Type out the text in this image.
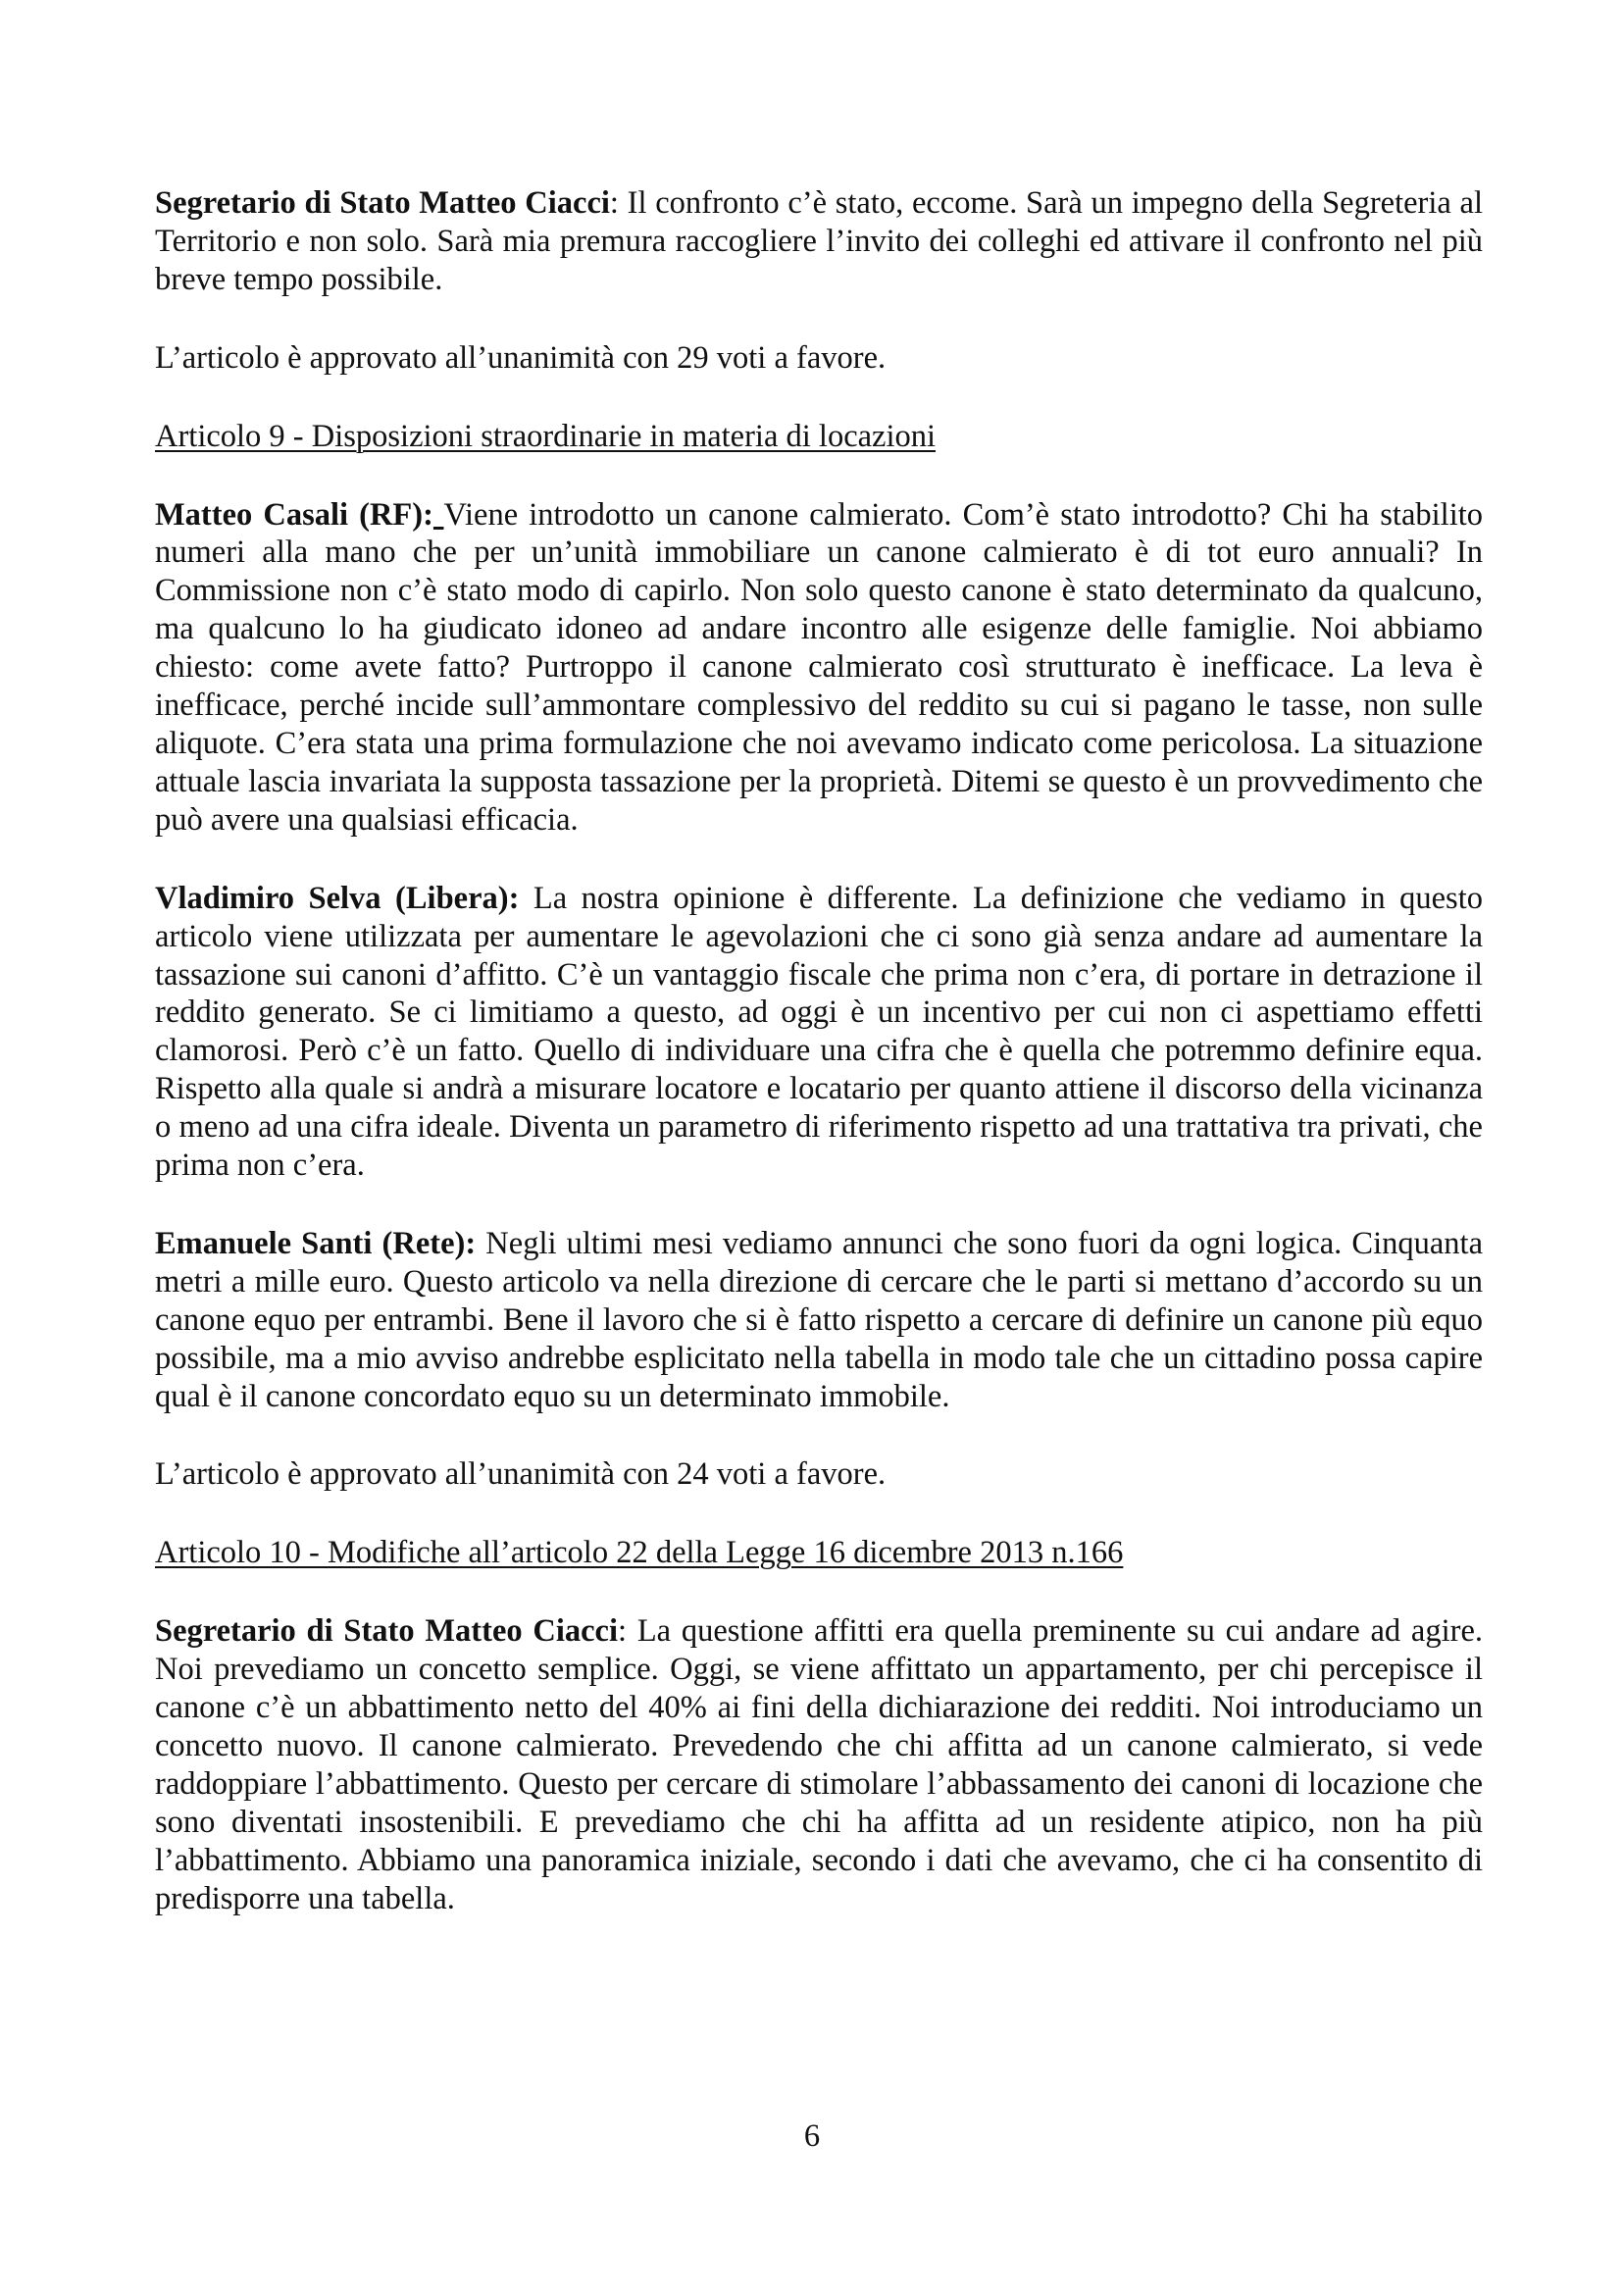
Segretario di Stato Matteo Ciacci: Il confronto c’è stato, eccome. Sarà un impegno della Segreteria al Territorio e non solo. Sarà mia premura raccogliere l’invito dei colleghi ed attivare il confronto nel più breve tempo possibile.

L’articolo è approvato all’unanimità con 29 voti a favore.

Articolo 9 - Disposizioni straordinarie in materia di locazioni

Matteo Casali (RF): Viene introdotto un canone calmierato. Com’è stato introdotto? Chi ha stabilito numeri alla mano che per un’unità immobiliare un canone calmierato è di tot euro annuali? In Commissione non c’è stato modo di capirlo. Non solo questo canone è stato determinato da qualcuno, ma qualcuno lo ha giudicato idoneo ad andare incontro alle esigenze delle famiglie. Noi abbiamo chiesto: come avete fatto? Purtroppo il canone calmierato così strutturato è inefficace. La leva è inefficace, perché incide sull’ammontare complessivo del reddito su cui si pagano le tasse, non sulle aliquote. C’era stata una prima formulazione che noi avevamo indicato come pericolosa. La situazione attuale lascia invariata la supposta tassazione per la proprietà. Ditemi se questo è un provvedimento che può avere una qualsiasi efficacia.

Vladimiro Selva (Libera): La nostra opinione è differente. La definizione che vediamo in questo articolo viene utilizzata per aumentare le agevolazioni che ci sono già senza andare ad aumentare la tassazione sui canoni d’affitto. C’è un vantaggio fiscale che prima non c’era, di portare in detrazione il reddito generato. Se ci limitiamo a questo, ad oggi è un incentivo per cui non ci aspettiamo effetti clamorosi. Però c’è un fatto. Quello di individuare una cifra che è quella che potremmo definire equa. Rispetto alla quale si andrà a misurare locatore e locatario per quanto attiene il discorso della vicinanza o meno ad una cifra ideale. Diventa un parametro di riferimento rispetto ad una trattativa tra privati, che prima non c’era.

Emanuele Santi (Rete): Negli ultimi mesi vediamo annunci che sono fuori da ogni logica. Cinquanta metri a mille euro. Questo articolo va nella direzione di cercare che le parti si mettano d’accordo su un canone equo per entrambi. Bene il lavoro che si è fatto rispetto a cercare di definire un canone più equo possibile, ma a mio avviso andrebbe esplicitato nella tabella in modo tale che un cittadino possa capire qual è il canone concordato equo su un determinato immobile.

L’articolo è approvato all’unanimità con 24 voti a favore.

Articolo 10 - Modifiche all’articolo 22 della Legge 16 dicembre 2013 n.166

Segretario di Stato Matteo Ciacci: La questione affitti era quella preminente su cui andare ad agire. Noi prevediamo un concetto semplice. Oggi, se viene affittato un appartamento, per chi percepisce il canone c’è un abbattimento netto del 40% ai fini della dichiarazione dei redditi. Noi introduciamo un concetto nuovo. Il canone calmierato. Prevedendo che chi affitta ad un canone calmierato, si vede raddoppiare l’abbattimento. Questo per cercare di stimolare l’abbassamento dei canoni di locazione che sono diventati insostenibili. E prevediamo che chi ha affitta ad un residente atipico, non ha più l’abbattimento. Abbiamo una panoramica iniziale, secondo i dati che avevamo, che ci ha consentito di predisporre una tabella.

6
